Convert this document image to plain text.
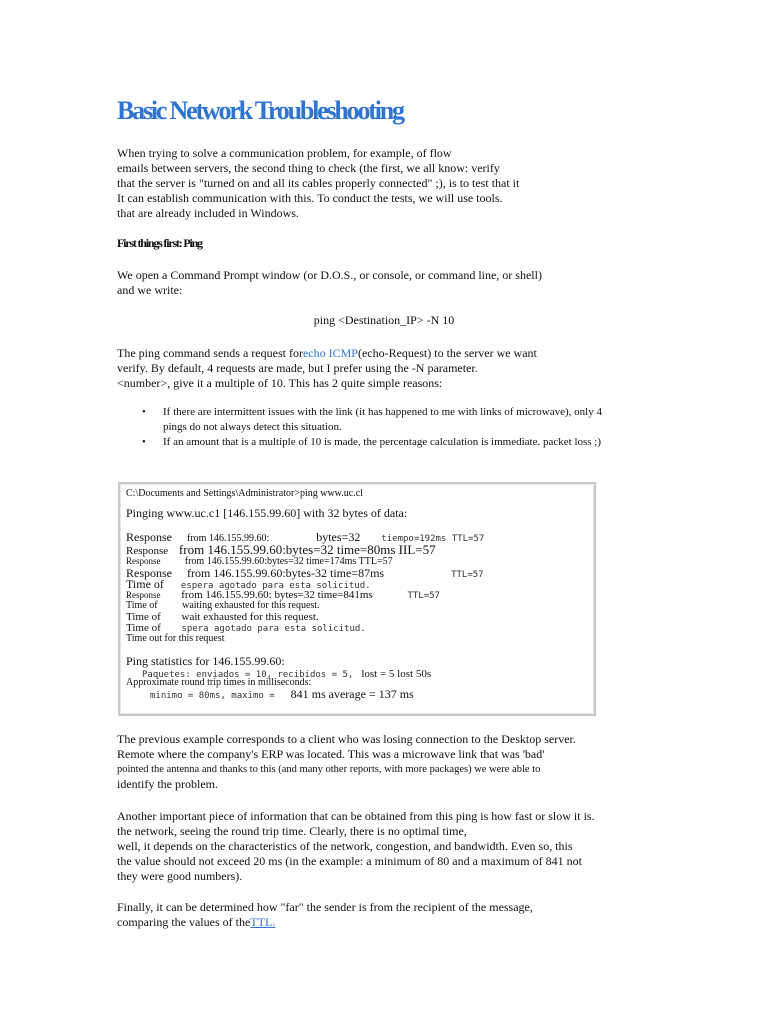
Basic Network Troubleshooting

When trying to solve a communication problem, for example, of flow
emails between servers, the second thing to check (the first, we all know: verify
that the server is "turned on and all its cables properly connected" ;), is to test that it
It can establish communication with this. To conduct the tests, we will use tools.
that are already included in Windows.

First things first: Ping

We open a Command Prompt window (or D.O.S., or console, or command line, or shell)
and we write:

ping <Destination_IP> -N 10

The ping command sends a request forecho ICMP(echo-Request) to the server we want
verify. By default, 4 requests are made, but I prefer using the -N parameter.
<number>, give it a multiple of 10. This has 2 quite simple reasons:

• If there are intermittent issues with the link (it has happened to me with links of microwave), only 4 pings do not always detect this situation.
• If an amount that is a multiple of 10 is made, the percentage calculation is immediate. packet loss ;)
C:\Documents and Settings\Administrator>ping www.uc.cl
Pinging www.uc.c1 [146.155.99.60] with 32 bytes of data:
Response from 146.155.99.60:	bytes=32 tiempo=192ms TTL=57
Response from 146.155.99.60:bytes=32 time=80ms IIL=57
Response from 146.155.99.60:bytes=32 time=174ms TTL=57
Response from 146.155.99.60:bytes-32 time=87ms	TTL=57
Time of espera agotado para esta solicitud.
Response from 146.155.99.60: bytes=32 time=841ms	TTL=57
Time of waiting exhausted for this request.
Time of wait exhausted for this request.
Time of spera agotado para esta solicitud.
Time out for this request
Ping statistics for 146.155.99.60:
Paquetes: enviados = 10, recibidos = 5, lost = 5 lost 50s
Approximate round trip times in milliseconds:
minimo = 80ms, maximo = 841 ms average = 137 ms

The previous example corresponds to a client who was losing connection to the Desktop server.
Remote where the company's ERP was located. This was a microwave link that was 'bad'
pointed the antenna and thanks to this (and many other reports, with more packages) we were able to
identify the problem.

Another important piece of information that can be obtained from this ping is how fast or slow it is.
the network, seeing the round trip time. Clearly, there is no optimal time,
well, it depends on the characteristics of the network, congestion, and bandwidth. Even so, this
the value should not exceed 20 ms (in the example: a minimum of 80 and a maximum of 841 not
they were good numbers).

Finally, it can be determined how "far" the sender is from the recipient of the message,
comparing the values of theTTL.
